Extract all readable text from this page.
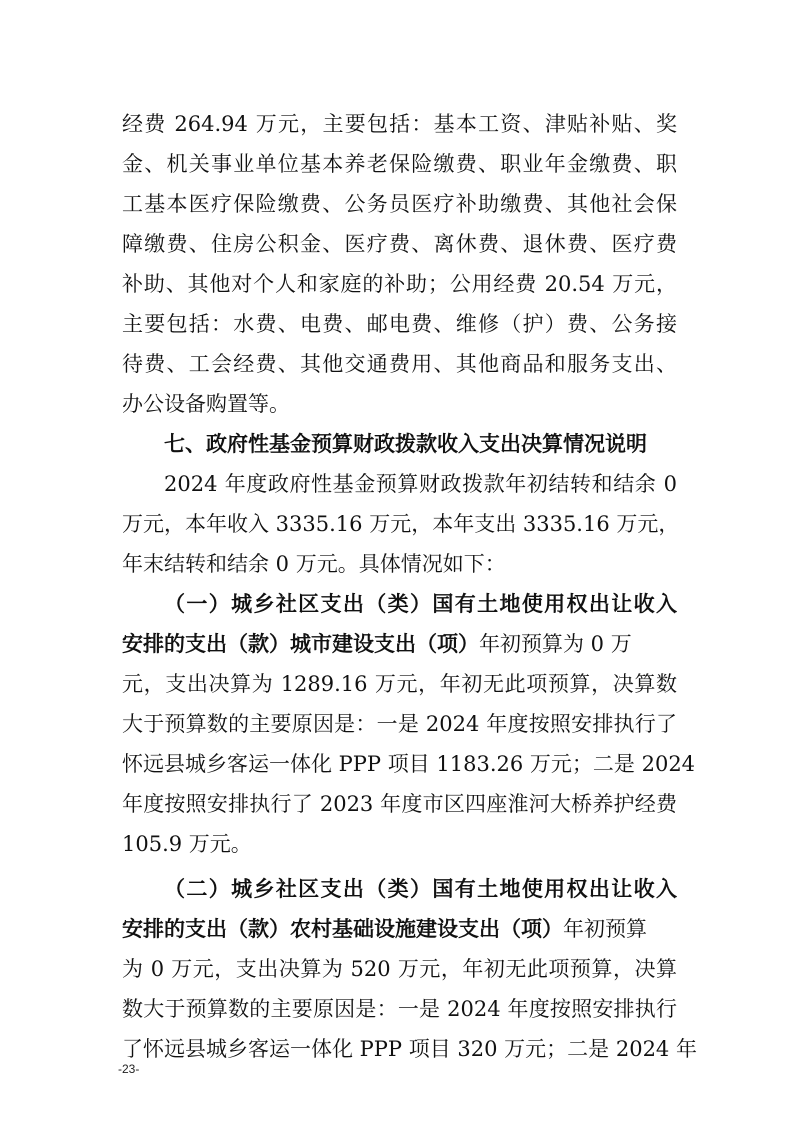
经费 264.94 万元，主要包括：基本工资、津贴补贴、奖
金、机关事业单位基本养老保险缴费、职业年金缴费、职
工基本医疗保险缴费、公务员医疗补助缴费、其他社会保
障缴费、住房公积金、医疗费、离休费、退休费、医疗费
补助、其他对个人和家庭的补助；公用经费 20.54 万元，
主要包括：水费、电费、邮电费、维修（护）费、公务接
待费、工会经费、其他交通费用、其他商品和服务支出、
办公设备购置等。
七、政府性基金预算财政拨款收入支出决算情况说明
2024 年度政府性基金预算财政拨款年初结转和结余 0
万元，本年收入 3335.16 万元，本年支出 3335.16 万元，
年末结转和结余 0 万元。具体情况如下：
（一）城乡社区支出（类）国有土地使用权出让收入
安排的支出（款）城市建设支出（项）年初预算为 0 万
元，支出决算为 1289.16 万元，年初无此项预算，决算数
大于预算数的主要原因是：一是 2024 年度按照安排执行了
怀远县城乡客运一体化 PPP 项目 1183.26 万元；二是 2024
年度按照安排执行了 2023 年度市区四座淮河大桥养护经费
105.9 万元。
（二）城乡社区支出（类）国有土地使用权出让收入
安排的支出（款）农村基础设施建设支出（项）年初预算
为 0 万元，支出决算为 520 万元，年初无此项预算，决算
数大于预算数的主要原因是：一是 2024 年度按照安排执行
了怀远县城乡客运一体化 PPP 项目 320 万元；二是 2024 年
-23-
